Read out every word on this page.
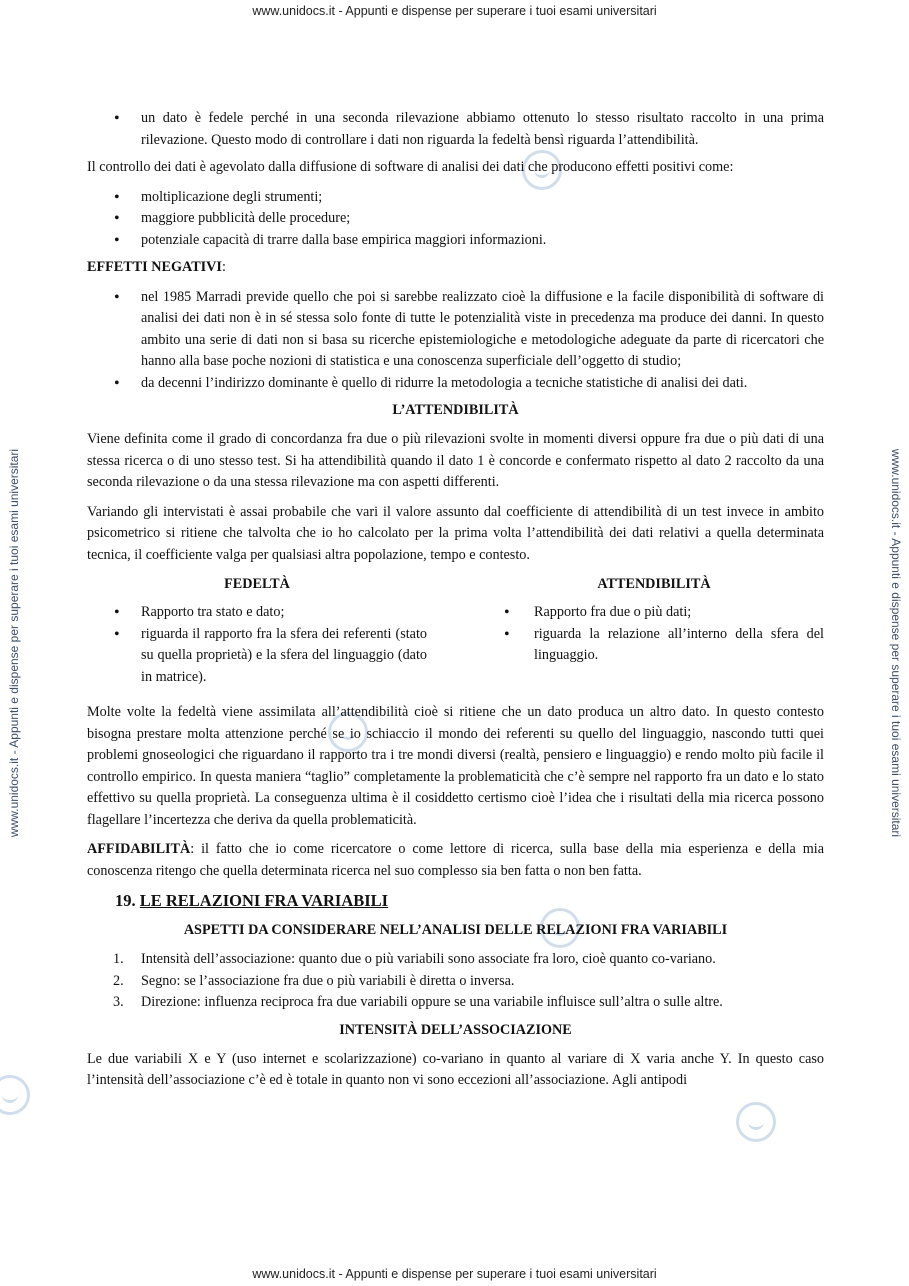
www.unidocs.it - Appunti e dispense per superare i tuoi esami universitari
www.unidocs.it - Appunti e dispense per superare i tuoi esami universitari
www.unidocs.it - Appunti e dispense per superare i tuoi esami universitari	www.unidocs.it - Appunti e dispense per superare i tuoi esami universitari
• un dato è fedele perché in una seconda rilevazione abbiamo ottenuto lo stesso risultato raccolto in una prima rilevazione. Questo modo di controllare i dati non riguarda la fedeltà bensì riguarda l’attendibilità.

Il controllo dei dati è agevolato dalla diffusione di software di analisi dei dati che producono effetti positivi come:

• moltiplicazione degli strumenti;
• maggiore pubblicità delle procedure;
• potenziale capacità di trarre dalla base empirica maggiori informazioni.

EFFETTI NEGATIVI:

• nel 1985 Marradi previde quello che poi si sarebbe realizzato cioè la diffusione e la facile disponibilità di software di analisi dei dati non è in sé stessa solo fonte di tutte le potenzialità viste in precedenza ma produce dei danni. In questo ambito una serie di dati non si basa su ricerche epistemiologiche e metodologiche adeguate da parte di ricercatori che hanno alla base poche nozioni di statistica e una conoscenza superficiale dell’oggetto di studio;
• da decenni l’indirizzo dominante è quello di ridurre la metodologia a tecniche statistiche di analisi dei dati.
L’ATTENDIBILITÀ

Viene definita come il grado di concordanza fra due o più rilevazioni svolte in momenti diversi oppure fra due o più dati di una stessa ricerca o di uno stesso test. Si ha attendibilità quando il dato 1 è concorde e confermato rispetto al dato 2 raccolto da una seconda rilevazione o da una stessa rilevazione ma con aspetti differenti.

Variando gli intervistati è assai probabile che vari il valore assunto dal coefficiente di attendibilità di un test invece in ambito psicometrico si ritiene che talvolta che io ho calcolato per la prima volta l’attendibilità dei dati relativi a quella determinata tecnica, il coefficiente valga per qualsiasi altra popolazione, tempo e contesto.

FEDELTÀ
• Rapporto tra stato e dato;
• riguarda il rapporto fra la sfera dei referenti (stato su quella proprietà) e la sfera del linguaggio (dato in matrice).
ATTENDIBILITÀ
• Rapporto fra due o più dati;
• riguarda la relazione all’interno della sfera del linguaggio.

Molte volte la fedeltà viene assimilata all’attendibilità cioè si ritiene che un dato produca un altro dato. In questo contesto bisogna prestare molta attenzione perché se io schiaccio il mondo dei referenti su quello del linguaggio, nascondo tutti quei problemi gnoseologici che riguardano il rapporto tra i tre mondi diversi (realtà, pensiero e linguaggio) e rendo molto più facile il controllo empirico. In questa maniera “taglio” completamente la problematicità che c’è sempre nel rapporto fra un dato e lo stato effettivo su quella proprietà. La conseguenza ultima è il cosiddetto certismo cioè l’idea che i risultati della mia ricerca possono flagellare l’incertezza che deriva da quella problematicità.

AFFIDABILITÀ: il fatto che io come ricercatore o come lettore di ricerca, sulla base della mia esperienza e della mia conoscenza ritengo che quella determinata ricerca nel suo complesso sia ben fatta o non ben fatta.

19. LE RELAZIONI FRA VARIABILI
ASPETTI DA CONSIDERARE NELL’ANALISI DELLE RELAZIONI FRA VARIABILI
1. Intensità dell’associazione: quanto due o più variabili sono associate fra loro, cioè quanto co-variano.
2. Segno: se l’associazione fra due o più variabili è diretta o inversa.
3. Direzione: influenza reciproca fra due variabili oppure se una variabile influisce sull’altra o sulle altre.
INTENSITÀ DELL’ASSOCIAZIONE

Le due variabili X e Y (uso internet e scolarizzazione) co-variano in quanto al variare di X varia anche Y. In questo caso l’intensità dell’associazione c’è ed è totale in quanto non vi sono eccezioni all’associazione. Agli antipodi
